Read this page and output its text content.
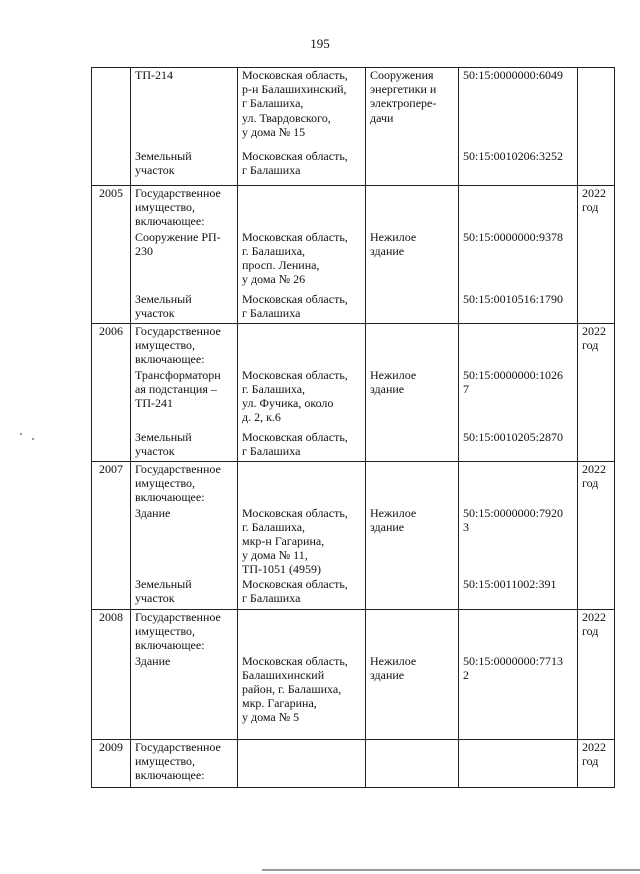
195
	ТП-214	Московская область,
р-н Балашихинский,
г Балашиха,
ул. Твардовского,
у дома № 15	Сооружения
энергетики и
электропере-
дачи	50:15:0000000:6049	
	Земельный
участок	Московская область,
г Балашиха		50:15:0010206:3252	
2005	Государственное
имущество,
включающее:				2022
год
	Сооружение РП-
230	Московская область,
г. Балашиха,
просп. Ленина,
у дома № 26	Нежилое
здание	50:15:0000000:9378	
	Земельный
участок	Московская область,
г Балашиха		50:15:0010516:1790	
2006	Государственное
имущество,
включающее:				2022
год
	Трансформаторн
ая подстанция –
ТП-241	Московская область,
г. Балашиха,
ул. Фучика, около
д. 2, к.6	Нежилое
здание	50:15:0000000:1026
7	
	Земельный
участок	Московская область,
г Балашиха		50:15:0010205:2870	
2007	Государственное
имущество,
включающее:				2022
год
	Здание	Московская область,
г. Балашиха,
мкр-н Гагарина,
у дома № 11,
ТП-1051 (4959)	Нежилое
здание	50:15:0000000:7920
3	
	Земельный
участок	Московская область,
г Балашиха		50:15:0011002:391	
2008	Государственное
имущество,
включающее:				2022
год
	Здание	Московская область,
Балашихинский
район, г. Балашиха,
мкр. Гагарина,
у дома № 5	Нежилое
здание	50:15:0000000:7713
2	
2009	Государственное
имущество,
включающее:				2022
год
